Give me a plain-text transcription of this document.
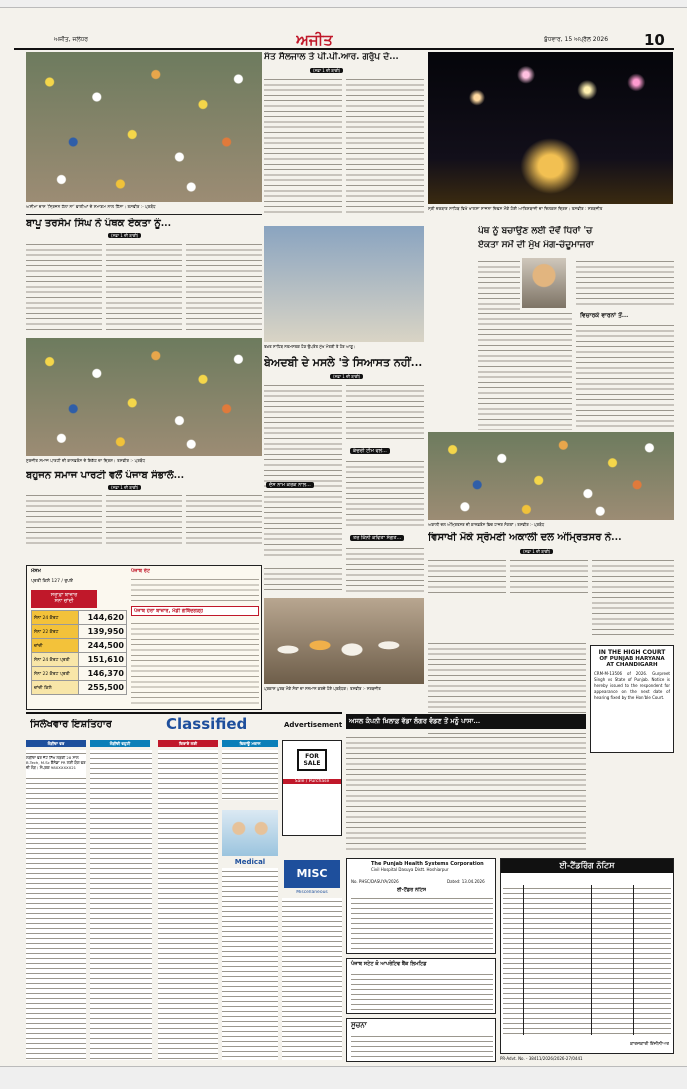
ਅਜੀਤ, ਜਲੰਧਰ	ਅਜੀਤ	ਬੁੱਧਵਾਰ, 15 ਅਪ੍ਰੈਲ 2026 10
ਅਸੀਮਾ ਦਾਸ 'ਸ੍ਰਿਜਨ ਹੱਲਾ ਨਾ' ਵਾਲੀਆਂ ਦੇ ਸਮਾਗਮ ਨਾਲ ਹਿੱਸਾ। ਤਸਵੀਰ :- ਪ੍ਰਬੰਧ
ਸੰਤ ਸੈਲਜਾਲ ਤੇ ਪੀ.ਪੀ.ਆਰ. ਗਰੁੱਪ ਦੇ...
(ਸਫ਼ਾ 1 ਦੀ ਬਾਕੀ)
ਸ੍ਰੀ ਦਰਬਾਰ ਸਾਹਿਬ ਵਿਖੇ ਖਾਲਸਾ ਸਾਜਨਾ ਦਿਵਸ ਮੌਕੇ ਹੋਈ ਆਤਿਸ਼ਬਾਜ਼ੀ ਦਾ ਦਿਲਕਸ਼ ਦ੍ਰਿਸ਼। ਤਸਵੀਰ : ਸਰਬਜੀਤ
ਬਾਪੂ ਤਰਸੇਮ ਸਿੰਘ ਨੇ ਪੰਥਕ ਏਕਤਾ ਨੂੰ...
(ਸਫ਼ਾ 1 ਦੀ ਬਾਕੀ)
ਸੁਰਜੀਤ ਸਮਾਜ ਪਾਰਟੀ ਦੀ ਕਾਨਫ਼ਰੰਸ ਦੇ ਇਕੱਠ ਦਾ ਦ੍ਰਿਸ਼। ਤਸਵੀਰ :- ਪ੍ਰਬੰਧ
ਬਹੁਜਨ ਸਮਾਜ ਪਾਰਟੀ ਵਲੋਂ ਪੰਜਾਬ ਸੰਭਾਲੋ...
(ਸਫ਼ਾ 1 ਦੀ ਬਾਕੀ)
ਸਰਾਫ਼ਾ ਬਾਜ਼ਾਰ
ਸੋਨਾ ਚਾਂਦੀ
ਪ੍ਰਤੀ ਕਿਲੋ 127 / ਰੁਪਏ
ਮੌਸਮ
ਸੋਨਾ 24 ਕੈਰਟ	144,620
ਸੋਨਾ 22 ਕੈਰਟ	139,950
ਚਾਂਦੀ	244,500
ਸੋਨਾ 24 ਕੈਰਟ ਪ੍ਰਤੀ	151,610
ਸੋਨਾ 22 ਕੈਰਟ ਪ੍ਰਤੀ	146,370
ਚਾਂਦੀ ਕਿਲੋ	255,500
ਪੰਜਾਬ ਰੇਟ
ਪੰਜਾਬ ਹੋਰਾ ਬਾਜ਼ਾਰ, ਮੰਡੀ ਗੋਬਿੰਦਗੜ੍ਹ
ਤਖ਼ਤ ਸਾਹਿਬ ਨਤਮਸਤਕ ਹੋਣ ਉਪਰੰਤ ਮੁੱਖ ਮੰਤਰੀ ਤੇ ਹੋਰ ਆਗੂ।
ਬੇਅਦਬੀ ਦੇ ਮਸਲੇ 'ਤੇ ਸਿਆਸਤ ਨਹੀਂ...
(ਸਫ਼ਾ 1 ਦੀ ਬਾਕੀ)
ਕੰਚਰੀ ਟੀਮ ਵਲੋਂ...
ਦੱਸ ਨਾਮ ਕਰਕ ਨਾਲ...
ਤਰ ਕਿੰਨੀ ਕਵਿਤਾ ਸੰਗਤ...
ਪੰਥ ਨੂੰ ਬਚਾਉਣ ਲਈ ਦੋਵੇਂ ਧਿਰਾਂ 'ਚ
ਏਕਤਾ ਸਮੇਂ ਦੀ ਮੁੱਖ ਮੰਗ-ਚੰਦੂਮਾਜਰਾ
ਵਿਚਾਰਕੇ ਵਾਰਨਾਂ ਤੋਂ...
ਅਕਾਲੀ ਦਲ ਅੰਮ੍ਰਿਤਸਰ ਦੀ ਕਾਨਫ਼ਰੰਸ ਵਿਚ ਹਾਜ਼ਰ ਸੰਗਤਾਂ। ਤਸਵੀਰ :- ਪ੍ਰਬੰਧ
ਵਿਸਾਖੀ ਮੌਕੇ ਸ੍ਰੋਮਣੀ ਅਕਾਲੀ ਦਲ ਅੰਮ੍ਰਿਤਸਰ ਨੇ...
(ਸਫ਼ਾ 1 ਦੀ ਬਾਕੀ)
ਪ੍ਰਕਾਸ਼ ਪੁਰਬ ਮੌਕੇ ਸੰਤਾਂ ਦਾ ਸਨਮਾਨ ਕਰਦੇ ਹੋਏ ਪ੍ਰਬੰਧਕ। ਤਸਵੀਰ :- ਸਰਬਜੀਤ
IN THE HIGH COURT
OF PUNJAB HARYANA
AT CHANDIGARH
CRM-M-13506 of 2026. Gurpreet Singh vs State of Punjab. Notice is hereby issued to the respondent for appearance on the next date of hearing fixed by the Hon'ble Court.
ਸਿਲੇਖਵਾਰ ਇਸ਼ਤਿਹਾਰ	Classified	Advertisement
ਲੋੜੀਂਦਾ ਵਰ	ਲੋੜੀਂਦੀ ਵਹੁਟੀ	ਕਿਰਾਏ ਲਈ	ਵਿਕਾਊ ਮਕਾਨ
ਲੋੜੀਂਦਾ ਵਰ ਜੱਟ ਸਿੱਖ ਲੜਕੀ 28 ਸਾਲ B.Tech, M.Sc ਕੈਨੇਡਾ PR ਲਈ ਯੋਗ ਵਰ ਦੀ ਲੋੜ। ਸੰਪਰਕ 98XXXXXX21
FOR SALE
Sale / Purchase
Medical
MISC
Miscellaneous
ਅਸਲ ਕੰਪਨੀ ਖ਼ਿਲਾਫ਼ ਵੱਡਾ ਲੰਗਰ ਵੰਡਣ ਤੋਂ ਮਨੂੰ ਪਾਸਾ...
The Punjab Health Systems Corporation
Civil Hospital Dasuya Distt. Hoshiarpur
No. PHSC/DASUYA/2026	Dated: 13.04.2026
ਈ-ਟੈਂਡਰ ਨੋਟਿਸ
ਈ-ਟੈਂਡਰਿੰਗ ਨੋਟਿਸ
ਕਾਰਜਕਾਰੀ ਇੰਜੀਨੀਅਰ
ਪੰਜਾਬ ਸਟੇਟ ਕੋ ਆਪਰੇਟਿਵ ਬੈਂਕ ਲਿਮਟਿਡ
ਸੂਚਨਾ
PR-Advt. No. - 38411/2026/2026-27/0441
